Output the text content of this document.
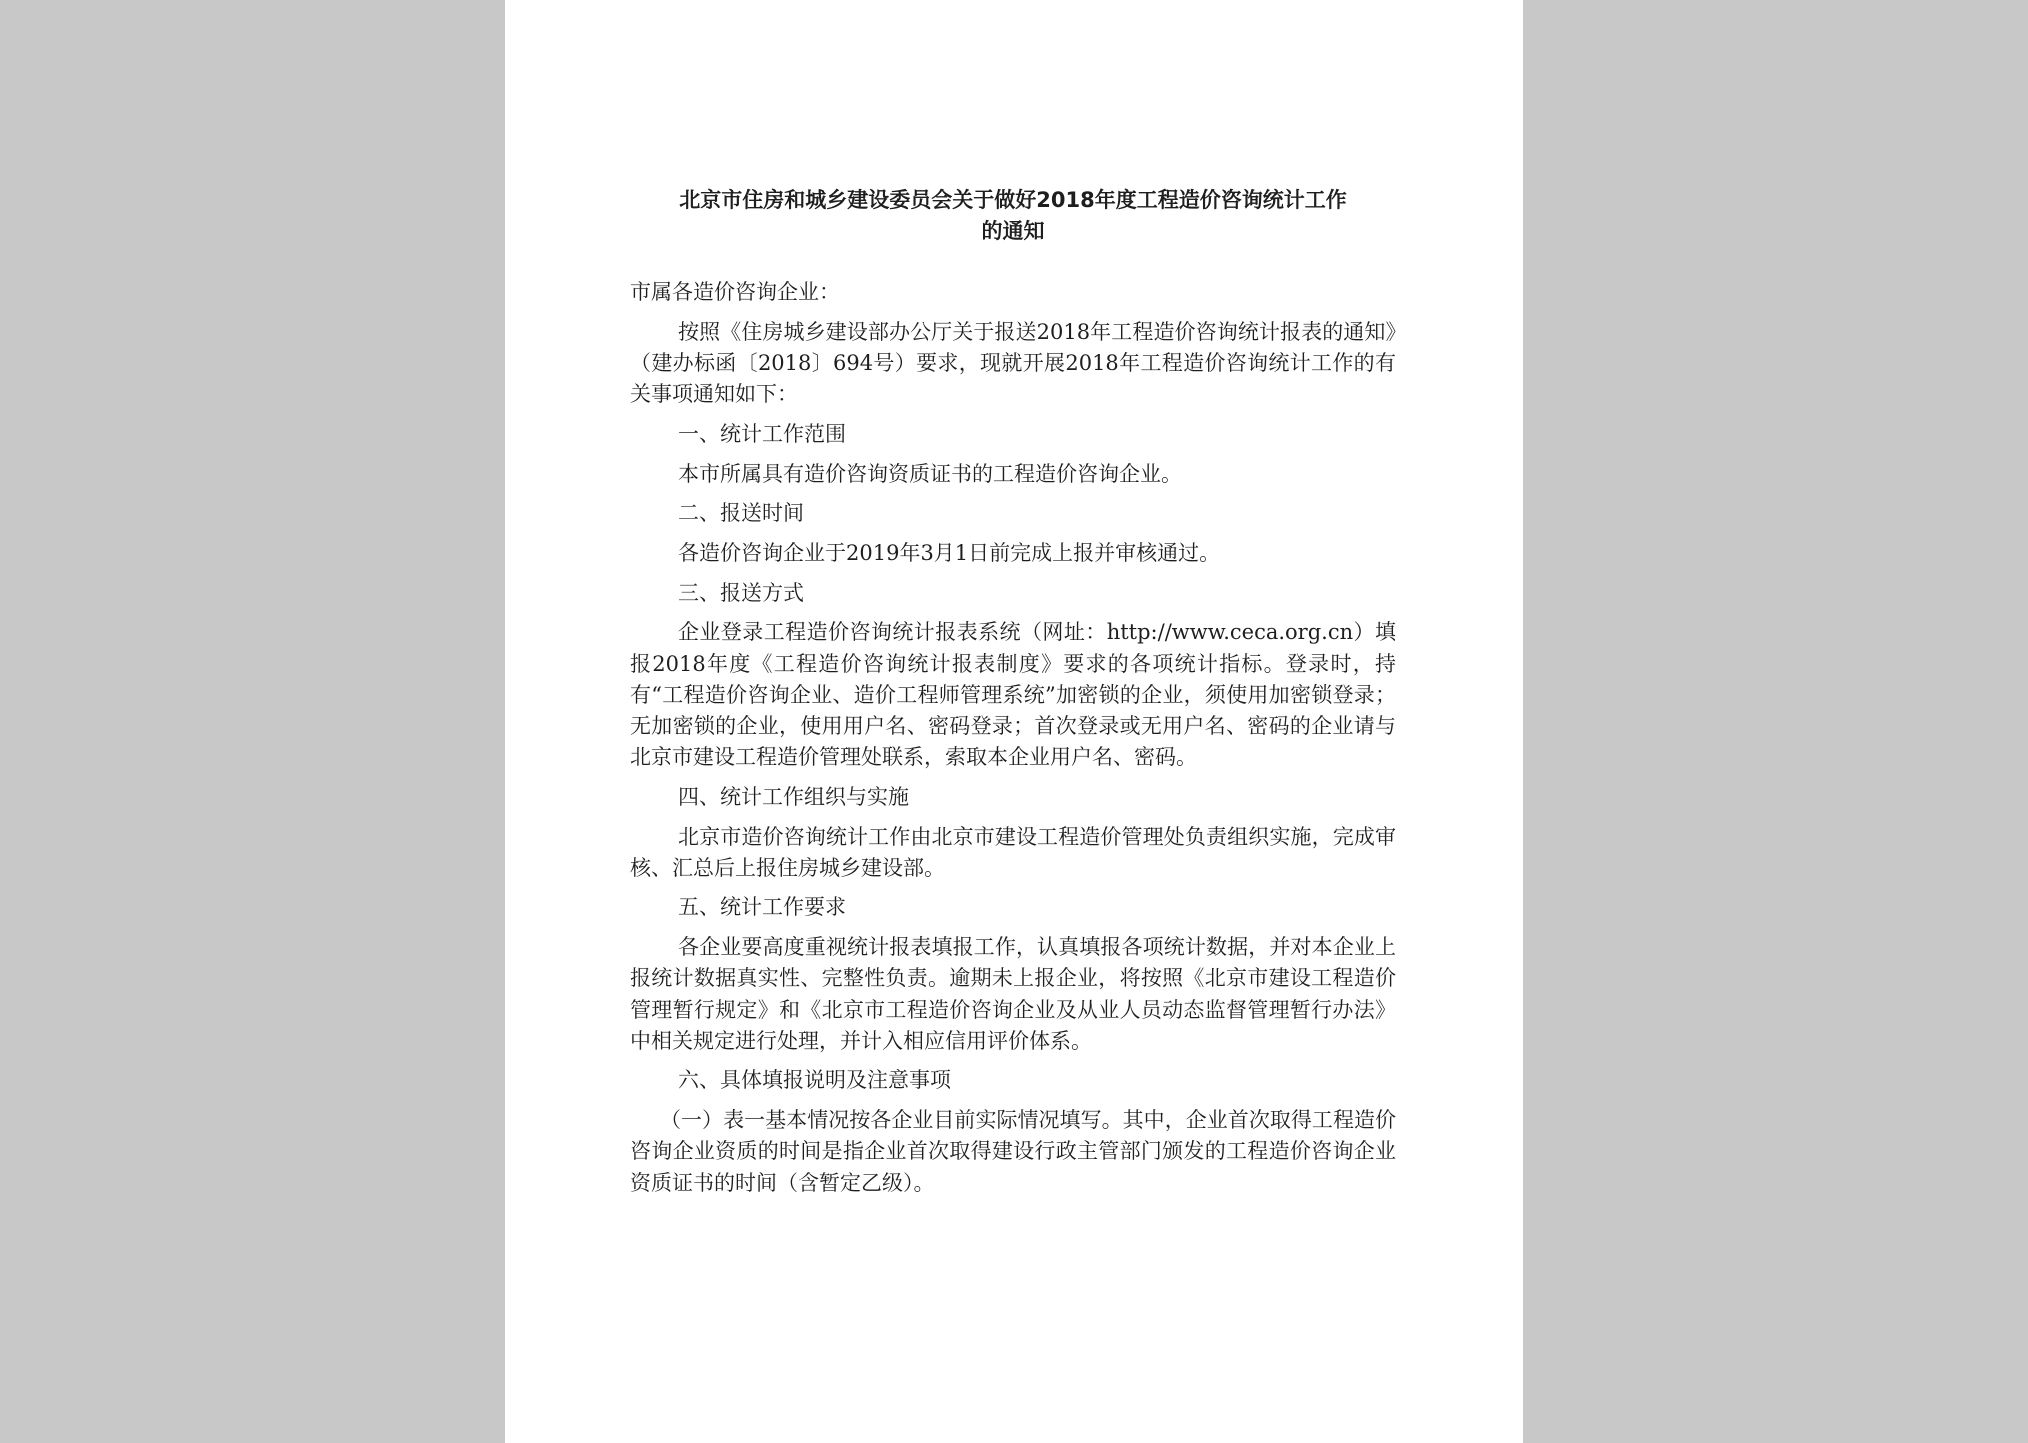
北京市住房和城乡建设委员会关于做好2018年度工程造价咨询统计工作
的通知

市属各造价咨询企业：

按照《住房城乡建设部办公厅关于报送2018年工程造价咨询统计报表的通知》（建办标函〔2018〕694号）要求，现就开展2018年工程造价咨询统计工作的有关事项通知如下：

一、统计工作范围

本市所属具有造价咨询资质证书的工程造价咨询企业。

二、报送时间

各造价咨询企业于2019年3月1日前完成上报并审核通过。

三、报送方式

企业登录工程造价咨询统计报表系统（网址：http://www.ceca.org.cn）填报2018年度《工程造价咨询统计报表制度》要求的各项统计指标。登录时，持有“工程造价咨询企业、造价工程师管理系统”加密锁的企业，须使用加密锁登录；无加密锁的企业，使用用户名、密码登录；首次登录或无用户名、密码的企业请与北京市建设工程造价管理处联系，索取本企业用户名、密码。

四、统计工作组织与实施

北京市造价咨询统计工作由北京市建设工程造价管理处负责组织实施，完成审核、汇总后上报住房城乡建设部。

五、统计工作要求

各企业要高度重视统计报表填报工作，认真填报各项统计数据，并对本企业上报统计数据真实性、完整性负责。逾期未上报企业，将按照《北京市建设工程造价管理暂行规定》和《北京市工程造价咨询企业及从业人员动态监督管理暂行办法》中相关规定进行处理，并计入相应信用评价体系。

六、具体填报说明及注意事项

（一）表一基本情况按各企业目前实际情况填写。其中，企业首次取得工程造价咨询企业资质的时间是指企业首次取得建设行政主管部门颁发的工程造价咨询企业资质证书的时间（含暂定乙级）。
